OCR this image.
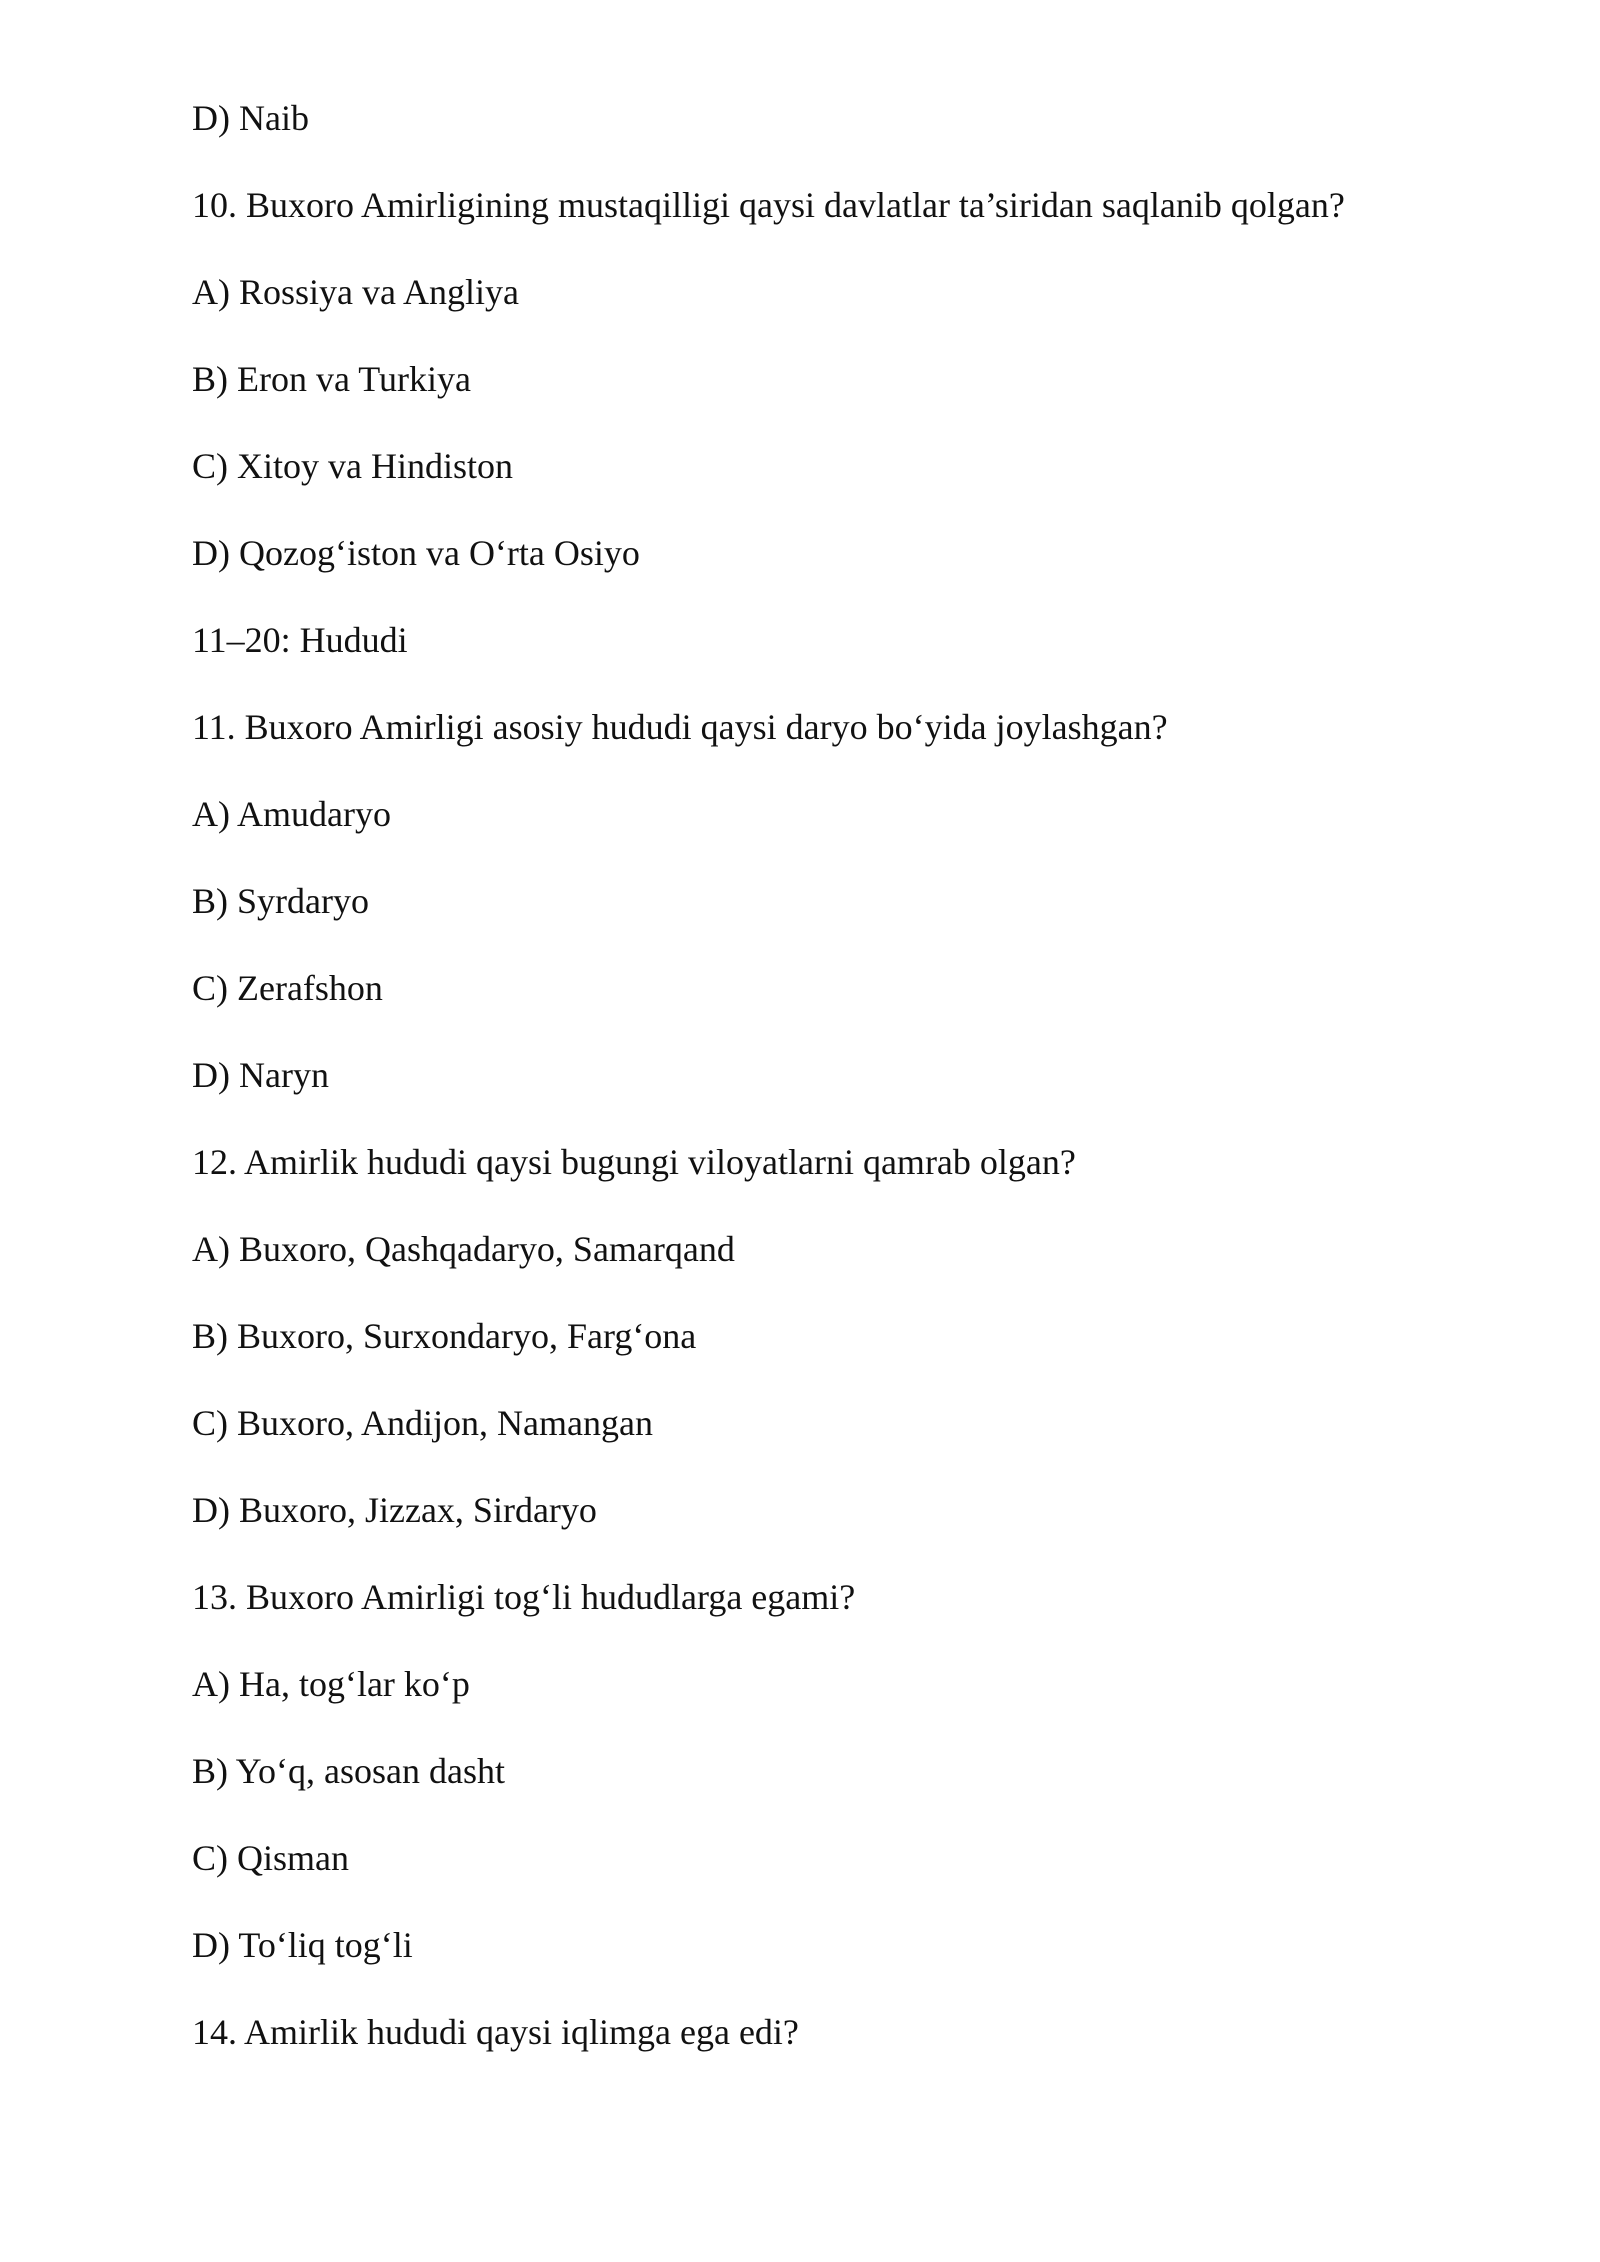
D) Naib
10. Buxoro Amirligining mustaqilligi qaysi davlatlar ta’siridan saqlanib qolgan?
A) Rossiya va Angliya
B) Eron va Turkiya
C) Xitoy va Hindiston
D) Qozog‘iston va O‘rta Osiyo
11–20: Hududi
11. Buxoro Amirligi asosiy hududi qaysi daryo bo‘yida joylashgan?
A) Amudaryo
B) Syrdaryo
C) Zerafshon
D) Naryn
12. Amirlik hududi qaysi bugungi viloyatlarni qamrab olgan?
A) Buxoro, Qashqadaryo, Samarqand
B) Buxoro, Surxondaryo, Farg‘ona
C) Buxoro, Andijon, Namangan
D) Buxoro, Jizzax, Sirdaryo
13. Buxoro Amirligi tog‘li hududlarga egami?
A) Ha, tog‘lar ko‘p
B) Yo‘q, asosan dasht
C) Qisman
D) To‘liq tog‘li
14. Amirlik hududi qaysi iqlimga ega edi?
